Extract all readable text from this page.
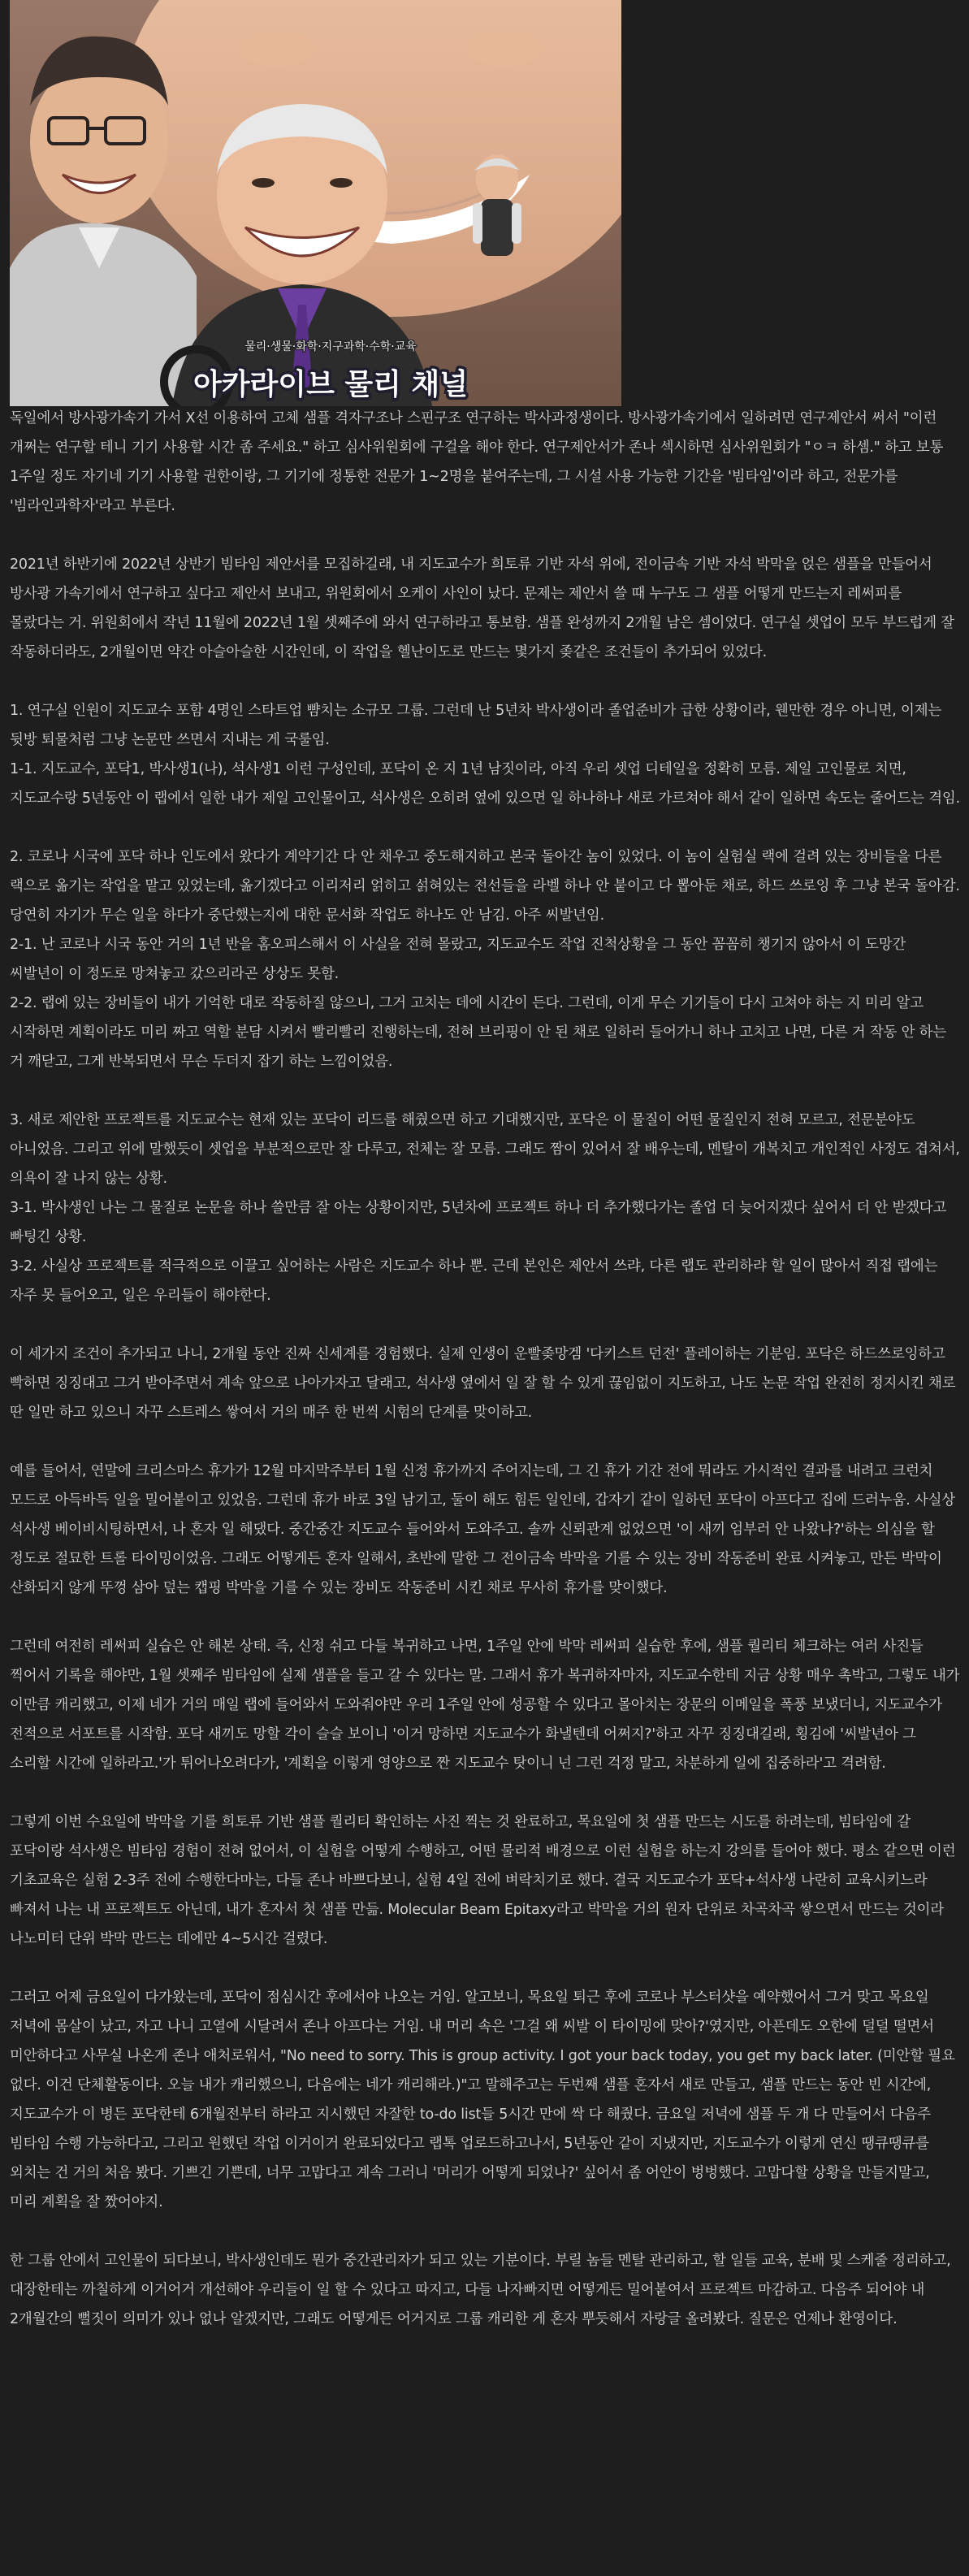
물리·생물·화학·지구과학·수학·교육
아카라이브 물리 채널

독일에서 방사광가속기 가서 X선 이용하여 고체 샘플 격자구조나 스핀구조 연구하는 박사과정생이다. 방사광가속기에서 일하려면 연구제안서 써서 "이런 개쩌는 연구할 테니 기기 사용할 시간 좀 주세요." 하고 심사위원회에 구걸을 해야 한다. 연구제안서가 존나 섹시하면 심사위원회가 "ㅇㅋ 하셈." 하고 보통 1주일 정도 자기네 기기 사용할 권한이랑, 그 기기에 정통한 전문가 1~2명을 붙여주는데, 그 시설 사용 가능한 기간을 '빔타임'이라 하고, 전문가를 '빔라인과학자'라고 부른다.

2021년 하반기에 2022년 상반기 빔타임 제안서를 모집하길래, 내 지도교수가 희토류 기반 자석 위에, 전이금속 기반 자석 박막을 얹은 샘플을 만들어서 방사광 가속기에서 연구하고 싶다고 제안서 보내고, 위원회에서 오케이 사인이 났다. 문제는 제안서 쓸 때 누구도 그 샘플 어떻게 만드는지 레써피를 몰랐다는 거. 위원회에서 작년 11월에 2022년 1월 셋째주에 와서 연구하라고 통보함. 샘플 완성까지 2개월 남은 셈이었다. 연구실 셋업이 모두 부드럽게 잘 작동하더라도, 2개월이면 약간 아슬아슬한 시간인데, 이 작업을 헬난이도로 만드는 몇가지 좆같은 조건들이 추가되어 있었다.

1. 연구실 인원이 지도교수 포함 4명인 스타트업 뺨치는 소규모 그룹. 그런데 난 5년차 박사생이라 졸업준비가 급한 상황이라, 웬만한 경우 아니면, 이제는 뒷방 퇴물처럼 그냥 논문만 쓰면서 지내는 게 국룰임.
1-1. 지도교수, 포닥1, 박사생1(나), 석사생1 이런 구성인데, 포닥이 온 지 1년 남짓이라, 아직 우리 셋업 디테일을 정확히 모름. 제일 고인물로 치면, 지도교수랑 5년동안 이 랩에서 일한 내가 제일 고인물이고, 석사생은 오히려 옆에 있으면 일 하나하나 새로 가르쳐야 해서 같이 일하면 속도는 줄어드는 격임.

2. 코로나 시국에 포닥 하나 인도에서 왔다가 계약기간 다 안 채우고 중도해지하고 본국 돌아간 놈이 있었다. 이 놈이 실험실 랙에 걸려 있는 장비들을 다른 랙으로 옮기는 작업을 맡고 있었는데, 옮기겠다고 이리저리 얽히고 섥혀있는 전선들을 라벨 하나 안 붙이고 다 뽑아둔 채로, 하드 쓰로잉 후 그냥 본국 돌아감. 당연히 자기가 무슨 일을 하다가 중단했는지에 대한 문서화 작업도 하나도 안 남김. 아주 씨발년임.
2-1. 난 코로나 시국 동안 거의 1년 반을 홈오피스해서 이 사실을 전혀 몰랐고, 지도교수도 작업 진척상황을 그 동안 꼼꼼히 챙기지 않아서 이 도망간 씨발년이 이 정도로 망쳐놓고 갔으리라곤 상상도 못함.
2-2. 랩에 있는 장비들이 내가 기억한 대로 작동하질 않으니, 그거 고치는 데에 시간이 든다. 그런데, 이게 무슨 기기들이 다시 고쳐야 하는 지 미리 알고 시작하면 계획이라도 미리 짜고 역할 분담 시켜서 빨리빨리 진행하는데, 전혀 브리핑이 안 된 채로 일하러 들어가니 하나 고치고 나면, 다른 거 작동 안 하는 거 깨닫고, 그게 반복되면서 무슨 두더지 잡기 하는 느낌이었음.

3. 새로 제안한 프로젝트를 지도교수는 현재 있는 포닥이 리드를 해줬으면 하고 기대했지만, 포닥은 이 물질이 어떤 물질인지 전혀 모르고, 전문분야도 아니었음. 그리고 위에 말했듯이 셋업을 부분적으로만 잘 다루고, 전체는 잘 모름. 그래도 짬이 있어서 잘 배우는데, 멘탈이 개복치고 개인적인 사정도 겹쳐서, 의욕이 잘 나지 않는 상황.
3-1. 박사생인 나는 그 물질로 논문을 하나 쓸만큼 잘 아는 상황이지만, 5년차에 프로젝트 하나 더 추가했다가는 졸업 더 늦어지겠다 싶어서 더 안 받겠다고 빠팅긴 상황.
3-2. 사실상 프로젝트를 적극적으로 이끌고 싶어하는 사람은 지도교수 하나 뿐. 근데 본인은 제안서 쓰랴, 다른 랩도 관리하랴 할 일이 많아서 직접 랩에는 자주 못 들어오고, 일은 우리들이 해야한다.

이 세가지 조건이 추가되고 나니, 2개월 동안 진짜 신세계를 경험했다. 실제 인생이 운빨좆망겜 '다키스트 던전' 플레이하는 기분임. 포닥은 하드쓰로잉하고 빡하면 징징대고 그거 받아주면서 계속 앞으로 나아가자고 달래고, 석사생 옆에서 일 잘 할 수 있게 끊임없이 지도하고, 나도 논문 작업 완전히 정지시킨 채로 딴 일만 하고 있으니 자꾸 스트레스 쌓여서 거의 매주 한 번씩 시험의 단계를 맞이하고.

예를 들어서, 연말에 크리스마스 휴가가 12월 마지막주부터 1월 신정 휴가까지 주어지는데, 그 긴 휴가 기간 전에 뭐라도 가시적인 결과를 내려고 크런치 모드로 아득바득 일을 밀어붙이고 있었음. 그런데 휴가 바로 3일 남기고, 둘이 해도 힘든 일인데, 갑자기 같이 일하던 포닥이 아프다고 집에 드러누움. 사실상 석사생 베이비시팅하면서, 나 혼자 일 해댔다. 중간중간 지도교수 들어와서 도와주고. 솔까 신뢰관계 없었으면 '이 새끼 엄부러 안 나왔나?'하는 의심을 할 정도로 절묘한 트롤 타이밍이었음. 그래도 어떻게든 혼자 일해서, 초반에 말한 그 전이금속 박막을 기를 수 있는 장비 작동준비 완료 시켜놓고, 만든 박막이 산화되지 않게 뚜껑 삼아 덮는 캡핑 박막을 기를 수 있는 장비도 작동준비 시킨 채로 무사히 휴가를 맞이했다.

그런데 여전히 레써피 실습은 안 해본 상태. 즉, 신정 쉬고 다들 복귀하고 나면, 1주일 안에 박막 레써피 실습한 후에, 샘플 퀄리티 체크하는 여러 사진들 찍어서 기록을 해야만, 1월 셋째주 빔타임에 실제 샘플을 들고 갈 수 있다는 말. 그래서 휴가 복귀하자마자, 지도교수한테 지금 상황 매우 촉박고, 그렇도 내가 이만큼 캐리했고, 이제 네가 거의 매일 랩에 들어와서 도와줘야만 우리 1주일 안에 성공할 수 있다고 몰아치는 장문의 이메일을 폭풍 보냈더니, 지도교수가 전적으로 서포트를 시작함. 포닥 새끼도 망할 각이 슬슬 보이니 '이거 망하면 지도교수가 화낼텐데 어쩌지?'하고 자꾸 징징대길래, 횡김에 '씨발년아 그 소리할 시간에 일하라고.'가 튀어나오려다가, '계획을 이렇게 영양으로 짠 지도교수 탓이니 넌 그런 걱정 말고, 차분하게 일에 집중하라'고 격려함.

그렇게 이번 수요일에 박막을 기를 희토류 기반 샘플 퀄리티 확인하는 사진 찍는 것 완료하고, 목요일에 첫 샘플 만드는 시도를 하려는데, 빔타임에 갈 포닥이랑 석사생은 빔타임 경험이 전혀 없어서, 이 실험을 어떻게 수행하고, 어떤 물리적 배경으로 이런 실험을 하는지 강의를 들어야 했다. 평소 같으면 이런 기초교육은 실험 2-3주 전에 수행한다마는, 다들 존나 바쁘다보니, 실험 4일 전에 벼락치기로 했다. 결국 지도교수가 포닥+석사생 나란히 교육시키느라 빠져서 나는 내 프로젝트도 아닌데, 내가 혼자서 첫 샘플 만듦. Molecular Beam Epitaxy라고 박막을 거의 원자 단위로 차곡차곡 쌓으면서 만드는 것이라 나노미터 단위 박막 만드는 데에만 4~5시간 걸렸다.

그러고 어제 금요일이 다가왔는데, 포닥이 점심시간 후에서야 나오는 거임. 알고보니, 목요일 퇴근 후에 코로나 부스터샷을 예약했어서 그거 맞고 목요일 저녁에 몸살이 났고, 자고 나니 고열에 시달려서 존나 아프다는 거임. 내 머리 속은 '그걸 왜 씨발 이 타이밍에 맞아?'였지만, 아픈데도 오한에 덜덜 떨면서 미안하다고 사무실 나온게 존나 애처로워서, "No need to sorry. This is group activity. I got your back today, you get my back later. (미안할 필요 없다. 이건 단체활동이다. 오늘 내가 캐리했으니, 다음에는 네가 캐리해라.)"고 말해주고는 두번째 샘플 혼자서 새로 만들고, 샘플 만드는 동안 빈 시간에, 지도교수가 이 병든 포닥한테 6개월전부터 하라고 지시했던 자잘한 to-do list들 5시간 만에 싹 다 해줬다. 금요일 저녁에 샘플 두 개 다 만들어서 다음주 빔타임 수행 가능하다고, 그리고 원했던 작업 이거이거 완료되었다고 랩톡 업로드하고나서, 5년동안 같이 지냈지만, 지도교수가 이렇게 연신 땡큐땡큐를 외치는 건 거의 처음 봤다. 기쁘긴 기쁜데, 너무 고맙다고 계속 그러니 '머리가 어떻게 되었나?' 싶어서 좀 어안이 벙벙했다. 고맙다할 상황을 만들지말고, 미리 계획을 잘 짰어야지.

한 그룹 안에서 고인물이 되다보니, 박사생인데도 뭔가 중간관리자가 되고 있는 기분이다. 부릴 놈들 멘탈 관리하고, 할 일들 교육, 분배 및 스케줄 정리하고, 대장한테는 까칠하게 이거어거 개선해야 우리들이 일 할 수 있다고 따지고, 다들 나자빠지면 어떻게든 밀어붙여서 프로젝트 마감하고. 다음주 되어야 내 2개월간의 뻘짓이 의미가 있나 없나 알겠지만, 그래도 어떻게든 어거지로 그룹 캐리한 게 혼자 뿌듯해서 자랑글 올려봤다. 질문은 언제나 환영이다.
